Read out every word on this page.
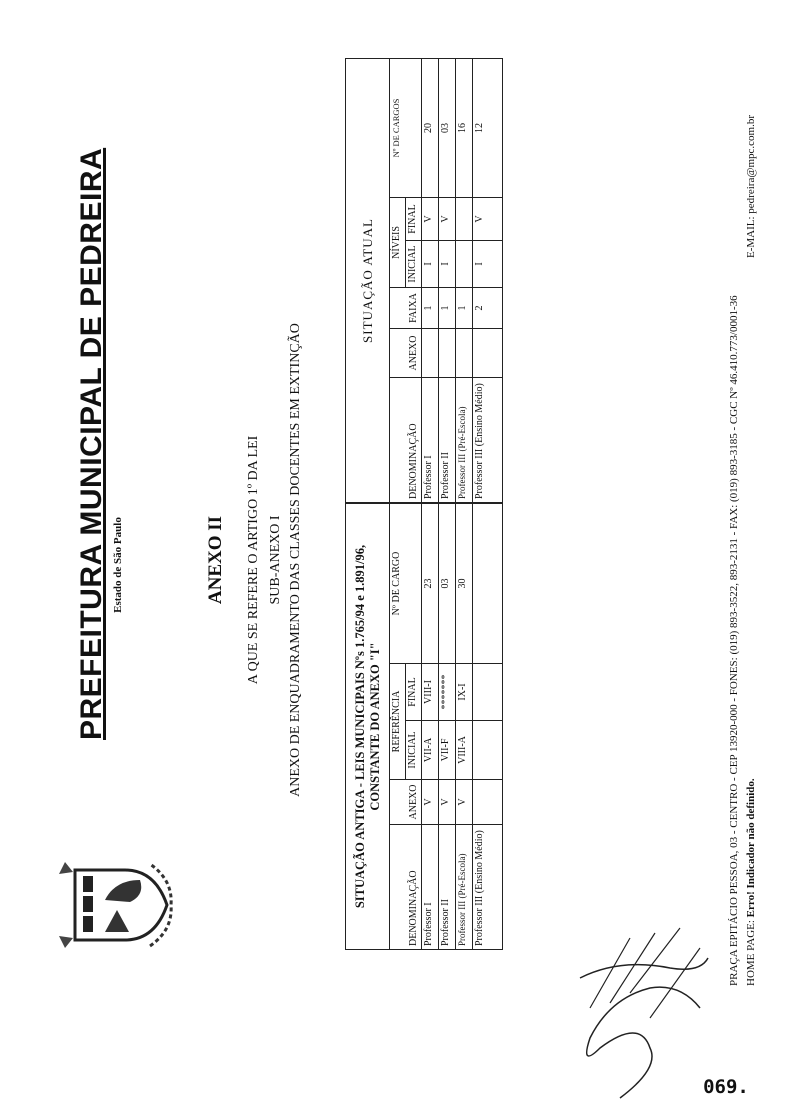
PREFEITURA MUNICIPAL DE PEDREIRA Estado de São Paulo	ANEXO II A QUE SE REFERE O ARTIGO 1º DA LEI SUB-ANEXO I ANEXO DE ENQUADRAMENTO DAS CLASSES DOCENTES EM EXTINÇÃO	SITUAÇÃO ANTIGA - LEIS MUNICIPAIS Nºs 1.765/94 e 1.891/96, CONSTANTE DO ANEXO "I"				
DENOMINAÇÃO	ANEXO	REFERÊNCIA		Nº DE CARGO
		INICIAL	FINAL	
Professor I	V	VII-A	VIII-I	23
Professor II	V	VII-F	*******	03
Professor III (Pré-Escola)	V	VIII-A	IX-I	30
Professor III (Ensino Médio)				
SITUAÇÃO ATUAL					
DENOMINAÇÃO	ANEXO	FAIXA	NÍVEIS		Nº DE CARGOS
			INICIAL	FINAL	
Professor I		1	I	V	20
Professor II		1	I	V	03
Professor III (Pré-Escola)		1			16
Professor III (Ensino Médio)		2	I	V	12
PRAÇA EPITÁCIO PESSOA, 03 - CENTRO - CEP 13920-000 - FONES: (019) 893-3522, 893-2131 - FAX: (019) 893-3185 - CGC Nº 46.410.773/0001-36 HOME PAGE: Erro! Indicador não definido.
E-MAIL: pedreira@mpc.com.br
069.
